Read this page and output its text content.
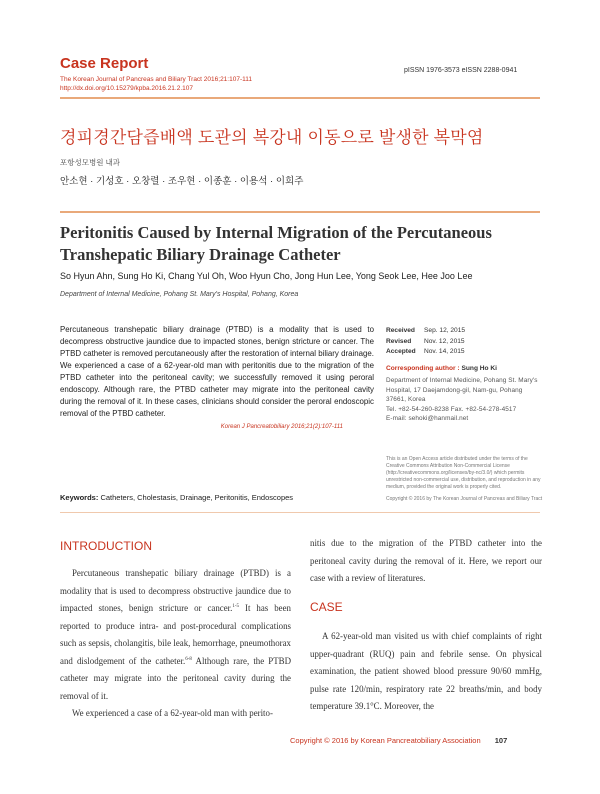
Case Report
The Korean Journal of Pancreas and Biliary Tract 2016;21:107-111
http://dx.doi.org/10.15279/kpba.2016.21.2.107
pISSN 1976-3573 eISSN 2288-0941
경피경간담즙배액 도관의 복강내 이동으로 발생한 복막염
포항성모병원 내과
안소현 · 기성호 · 오창렬 · 조우현 · 이종훈 · 이용석 · 이희주
Peritonitis Caused by Internal Migration of the Percutaneous
Transhepatic Biliary Drainage Catheter
So Hyun Ahn, Sung Ho Ki, Chang Yul Oh, Woo Hyun Cho, Jong Hun Lee, Yong Seok Lee, Hee Joo Lee
Department of Internal Medicine, Pohang St. Mary's Hospital, Pohang, Korea
Percutaneous transhepatic biliary drainage (PTBD) is a modality that is used to decompress obstructive jaundice due to impacted stones, benign stricture or cancer. The PTBD catheter is removed percutaneously after the restoration of internal biliary drainage. We experienced a case of a 62-year-old man with peritonitis due to the migration of the PTBD catheter into the peritoneal cavity; we successfully removed it using peroral endoscopy. Although rare, the PTBD catheter may migrate into the peritoneal cavity during the removal of it. In these cases, clinicians should consider the peroral endoscopic removal of the PTBD catheter.
Korean J Pancreatobiliary 2016;21(2):107-111
Received Sep. 12, 2015
Revised Nov. 12, 2015
Accepted Nov. 14, 2015
Corresponding author : Sung Ho Ki
Department of Internal Medicine, Pohang St. Mary's Hospital, 17 Daejamdong-gil, Nam-gu, Pohang 37661, Korea
Tel. +82-54-260-8238 Fax. +82-54-278-4517
E-mail: sehoki@hanmail.net
This is an Open Access article distributed under the terms of the Creative Commons Attribution Non-Commercial License (http://creativecommons.org/licenses/by-nc/3.0/) which permits unrestricted non-commercial use, distribution, and reproduction in any medium, provided the original work is properly cited.
Copyright © 2016 by The Korean Journal of Pancreas and Biliary Tract
Keywords: Catheters, Cholestasis, Drainage, Peritonitis, Endoscopes
INTRODUCTION

Percutaneous transhepatic biliary drainage (PTBD) is a modality that is used to decompress obstructive jaundice due to impacted stones, benign stricture or cancer.$^{1-5}$ It has been reported to produce intra- and post-procedural complications such as sepsis, cholangitis, bile leak, hemorrhage, pneumothorax and dislodgement of the catheter.$^{6-8}$ Although rare, the PTBD catheter may migrate into the peritoneal cavity during the removal of it.

We experienced a case of a 62-year-old man with perito-

nitis due to the migration of the PTBD catheter into the peritoneal cavity during the removal of it. Here, we report our case with a review of literatures.
CASE

A 62-year-old man visited us with chief complaints of right upper-quadrant (RUQ) pain and febrile sense. On physical examination, the patient showed blood pressure 90/60 mmHg, pulse rate 120/min, respiratory rate 22 breaths/min, and body temperature 39.1°C. Moreover, the

Copyright © 2016 by Korean Pancreatobiliary Association 107
